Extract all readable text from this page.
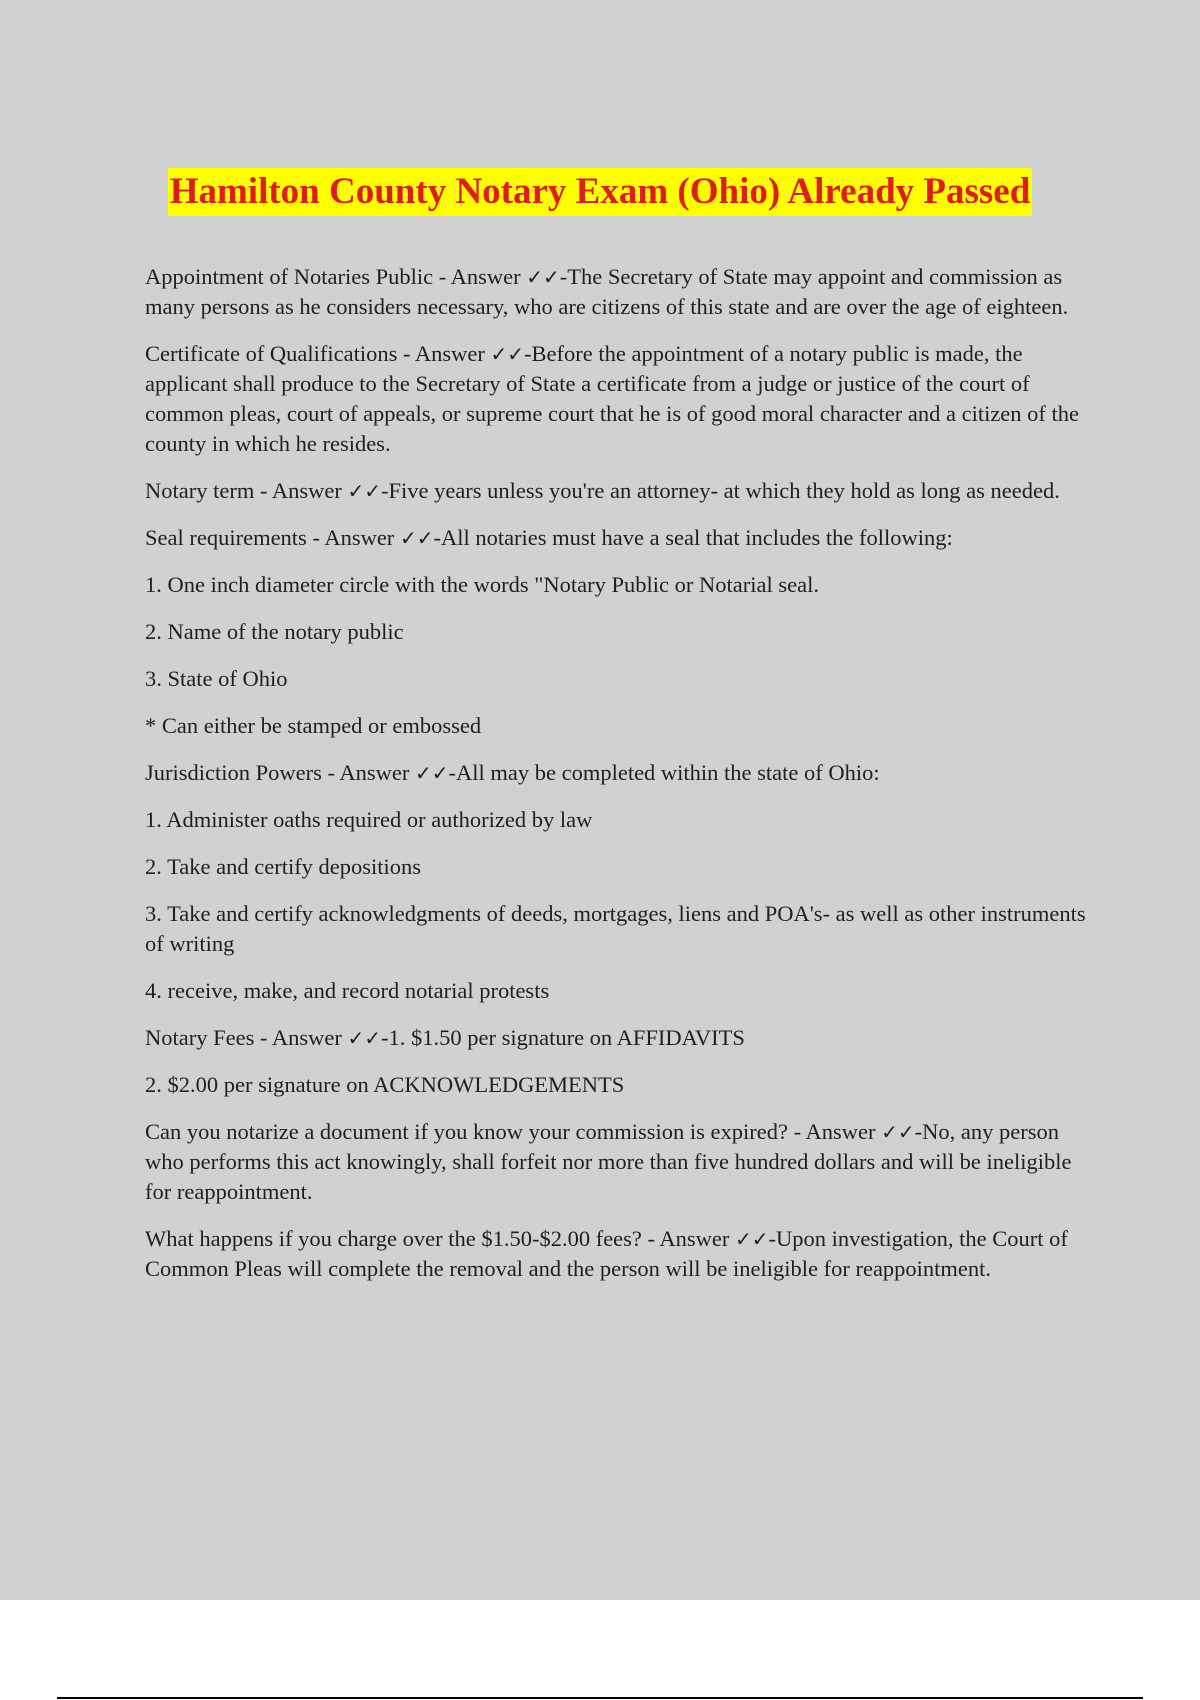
Hamilton County Notary Exam (Ohio) Already Passed

Appointment of Notaries Public - Answer ✓✓-The Secretary of State may appoint and commission as many persons as he considers necessary, who are citizens of this state and are over the age of eighteen.

Certificate of Qualifications - Answer ✓✓-Before the appointment of a notary public is made, the applicant shall produce to the Secretary of State a certificate from a judge or justice of the court of common pleas, court of appeals, or supreme court that he is of good moral character and a citizen of the county in which he resides.

Notary term - Answer ✓✓-Five years unless you're an attorney- at which they hold as long as needed.

Seal requirements - Answer ✓✓-All notaries must have a seal that includes the following:

1. One inch diameter circle with the words "Notary Public or Notarial seal.

2. Name of the notary public

3. State of Ohio

* Can either be stamped or embossed

Jurisdiction Powers - Answer ✓✓-All may be completed within the state of Ohio:

1. Administer oaths required or authorized by law

2. Take and certify depositions

3. Take and certify acknowledgments of deeds, mortgages, liens and POA's- as well as other instruments of writing

4. receive, make, and record notarial protests

Notary Fees - Answer ✓✓-1. $1.50 per signature on AFFIDAVITS

2. $2.00 per signature on ACKNOWLEDGEMENTS

Can you notarize a document if you know your commission is expired? - Answer ✓✓-No, any person who performs this act knowingly, shall forfeit nor more than five hundred dollars and will be ineligible for reappointment.

What happens if you charge over the $1.50-$2.00 fees? - Answer ✓✓-Upon investigation, the Court of Common Pleas will complete the removal and the person will be ineligible for reappointment.
